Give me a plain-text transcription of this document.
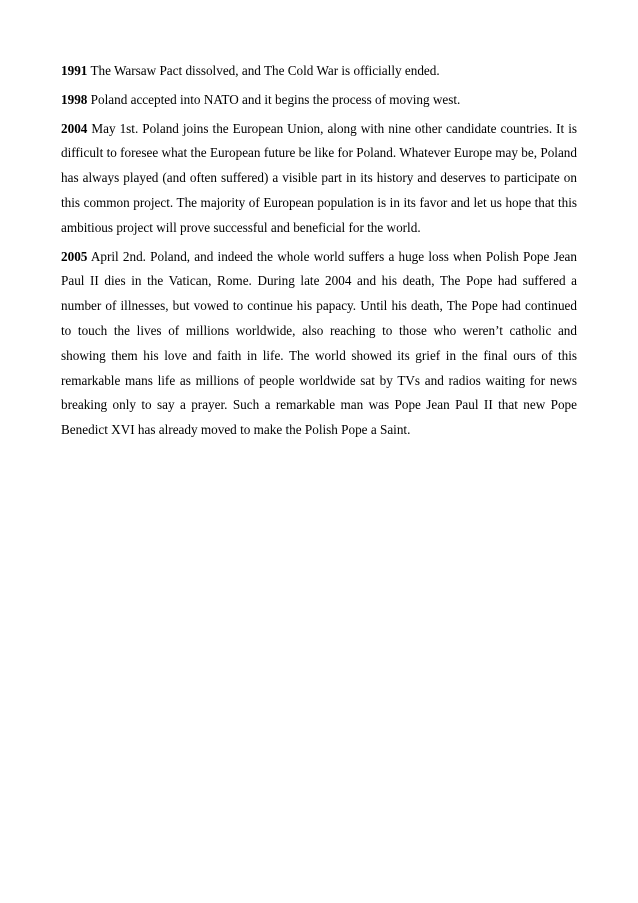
1991 The Warsaw Pact dissolved, and The Cold War is officially ended.

1998 Poland accepted into NATO and it begins the process of moving west.

2004 May 1st. Poland joins the European Union, along with nine other candidate countries. It is difficult to foresee what the European future be like for Poland. Whatever Europe may be, Poland has always played (and often suffered) a visible part in its history and deserves to participate on this common project. The majority of European population is in its favor and let us hope that this ambitious project will prove successful and beneficial for the world.

2005 April 2nd. Poland, and indeed the whole world suffers a huge loss when Polish Pope Jean Paul II dies in the Vatican, Rome. During late 2004 and his death, The Pope had suffered a number of illnesses, but vowed to continue his papacy. Until his death, The Pope had continued to touch the lives of millions worldwide, also reaching to those who weren’t catholic and showing them his love and faith in life. The world showed its grief in the final ours of this remarkable mans life as millions of people worldwide sat by TVs and radios waiting for news breaking only to say a prayer. Such a remarkable man was Pope Jean Paul II that new Pope Benedict XVI has already moved to make the Polish Pope a Saint.
